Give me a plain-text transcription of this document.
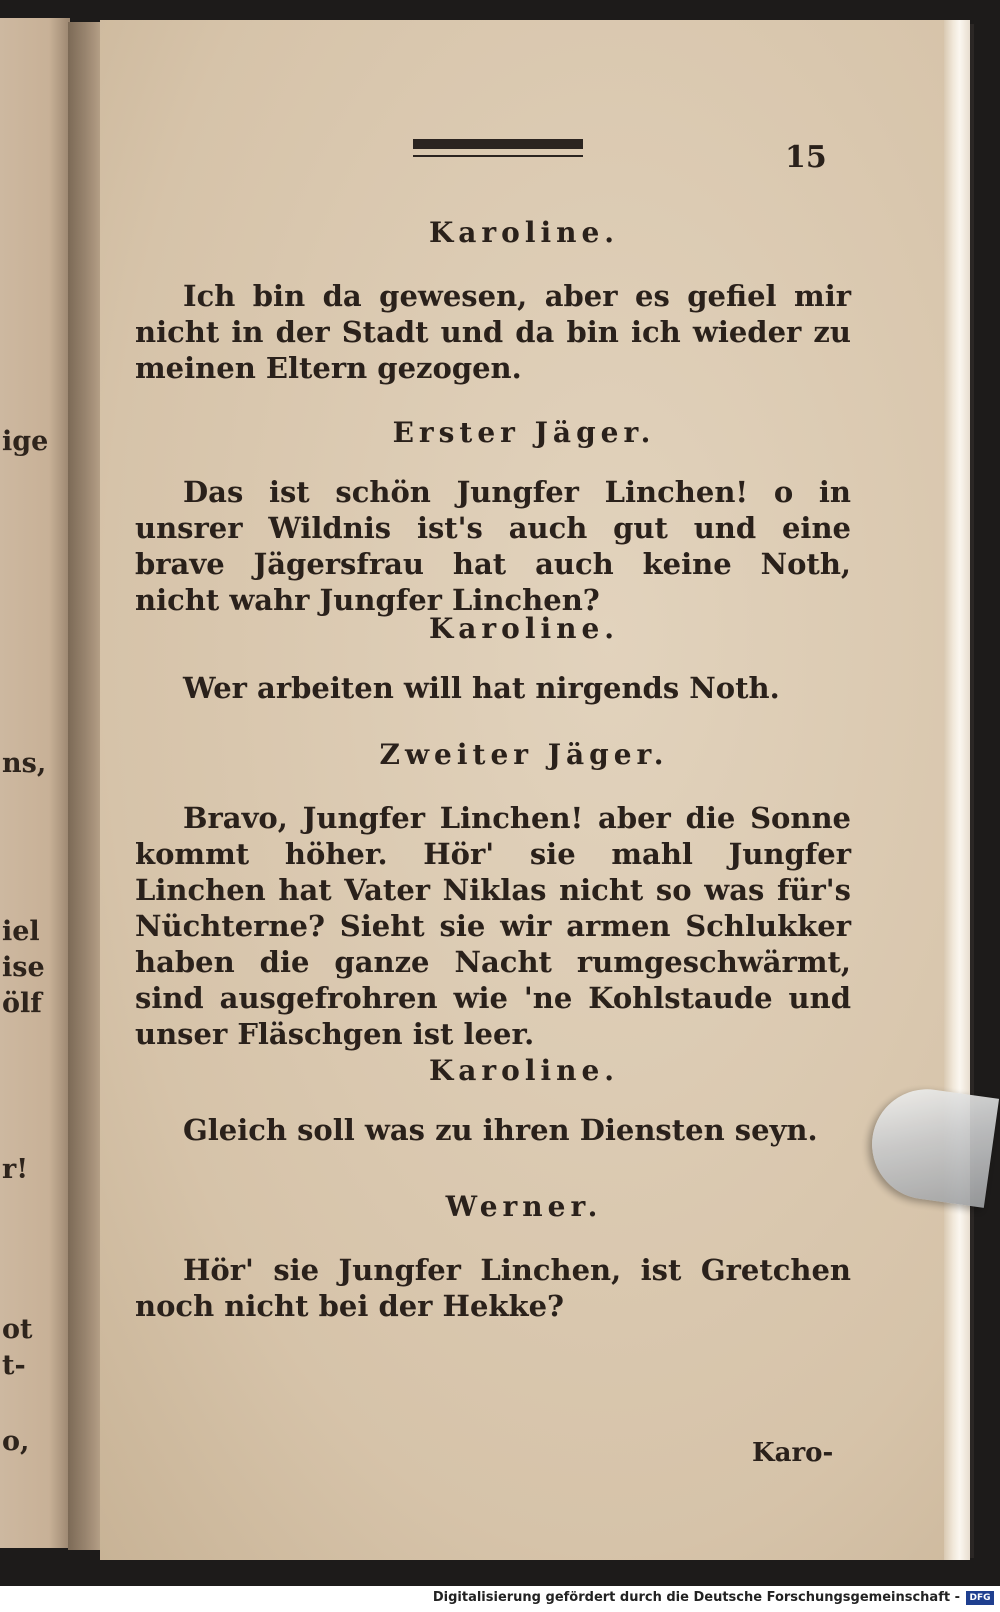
ige
ns,
iel
ise
ölf
r!
ot
t-
o,
15
Karoline.

Ich bin da gewesen, aber es gefiel mir nicht in der Stadt und da bin ich wieder zu meinen Eltern gezogen.

Erster Jäger.

Das ist schön Jungfer Linchen! o in unsrer Wildnis ist's auch gut und eine brave Jägersfrau hat auch keine Noth, nicht wahr Jungfer Linchen?

Karoline.

Wer arbeiten will hat nirgends Noth.

Zweiter Jäger.

Bravo, Jungfer Linchen! aber die Sonne kommt höher. Hör' sie mahl Jungfer Linchen hat Vater Niklas nicht so was für's Nüchterne? Sieht sie wir armen Schlukker haben die ganze Nacht rumgeschwärmt, sind ausgefrohren wie 'ne Kohlstaude und unser Fläschgen ist leer.

Karoline.

Gleich soll was zu ihren Diensten seyn.

Werner.

Hör' sie Jungfer Linchen, ist Gretchen noch nicht bei der Hekke?

Karo-
Digitalisierung gefördert durch die Deutsche Forschungsgemeinschaft -	DFG
